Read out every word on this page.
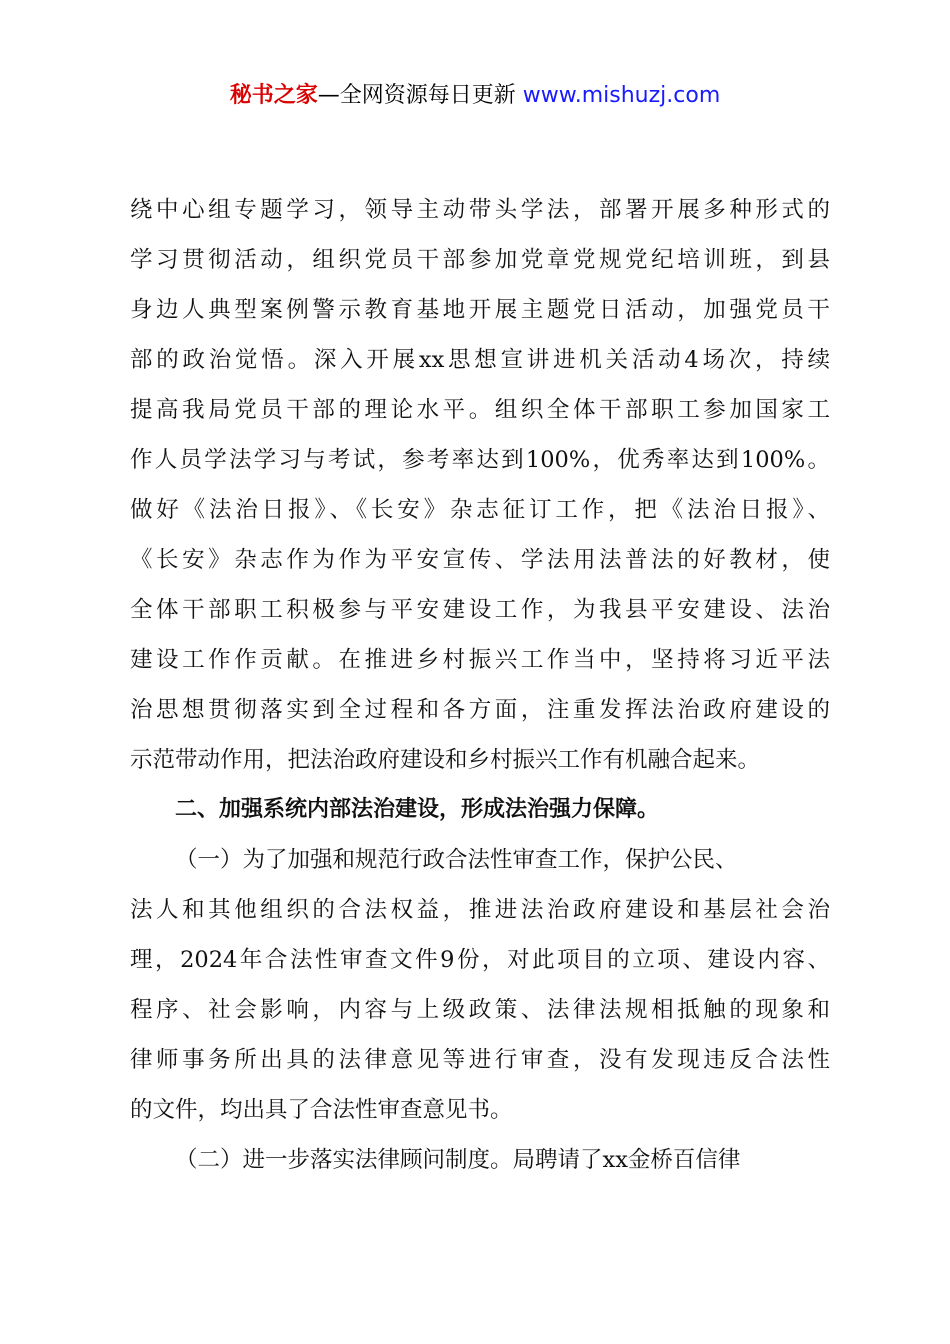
秘书之家—全网资源每日更新 www.mishuzj.com
绕中心组专题学习，领导主动带头学法，部署开展多种形式的
学习贯彻活动，组织党员干部参加党章党规党纪培训班，到县
身边人典型案例警示教育基地开展主题党日活动，加强党员干
部的政治觉悟。深入开展xx思想宣讲进机关活动4场次，持续
提高我局党员干部的理论水平。组织全体干部职工参加国家工
作人员学法学习与考试，参考率达到100%，优秀率达到100%。
做好《法治日报》、《长安》杂志征订工作，把《法治日报》、
《长安》杂志作为作为平安宣传、学法用法普法的好教材，使
全体干部职工积极参与平安建设工作，为我县平安建设、法治
建设工作作贡献。在推进乡村振兴工作当中，坚持将习近平法
治思想贯彻落实到全过程和各方面，注重发挥法治政府建设的
示范带动作用，把法治政府建设和乡村振兴工作有机融合起来。
二、加强系统内部法治建设，形成法治强力保障。
（一）为了加强和规范行政合法性审查工作，保护公民、
法人和其他组织的合法权益，推进法治政府建设和基层社会治
理，2024年合法性审查文件9份，对此项目的立项、建设内容、
程序、社会影响，内容与上级政策、法律法规相抵触的现象和
律师事务所出具的法律意见等进行审查，没有发现违反合法性
的文件，均出具了合法性审查意见书。
（二）进一步落实法律顾问制度。局聘请了xx金桥百信律
